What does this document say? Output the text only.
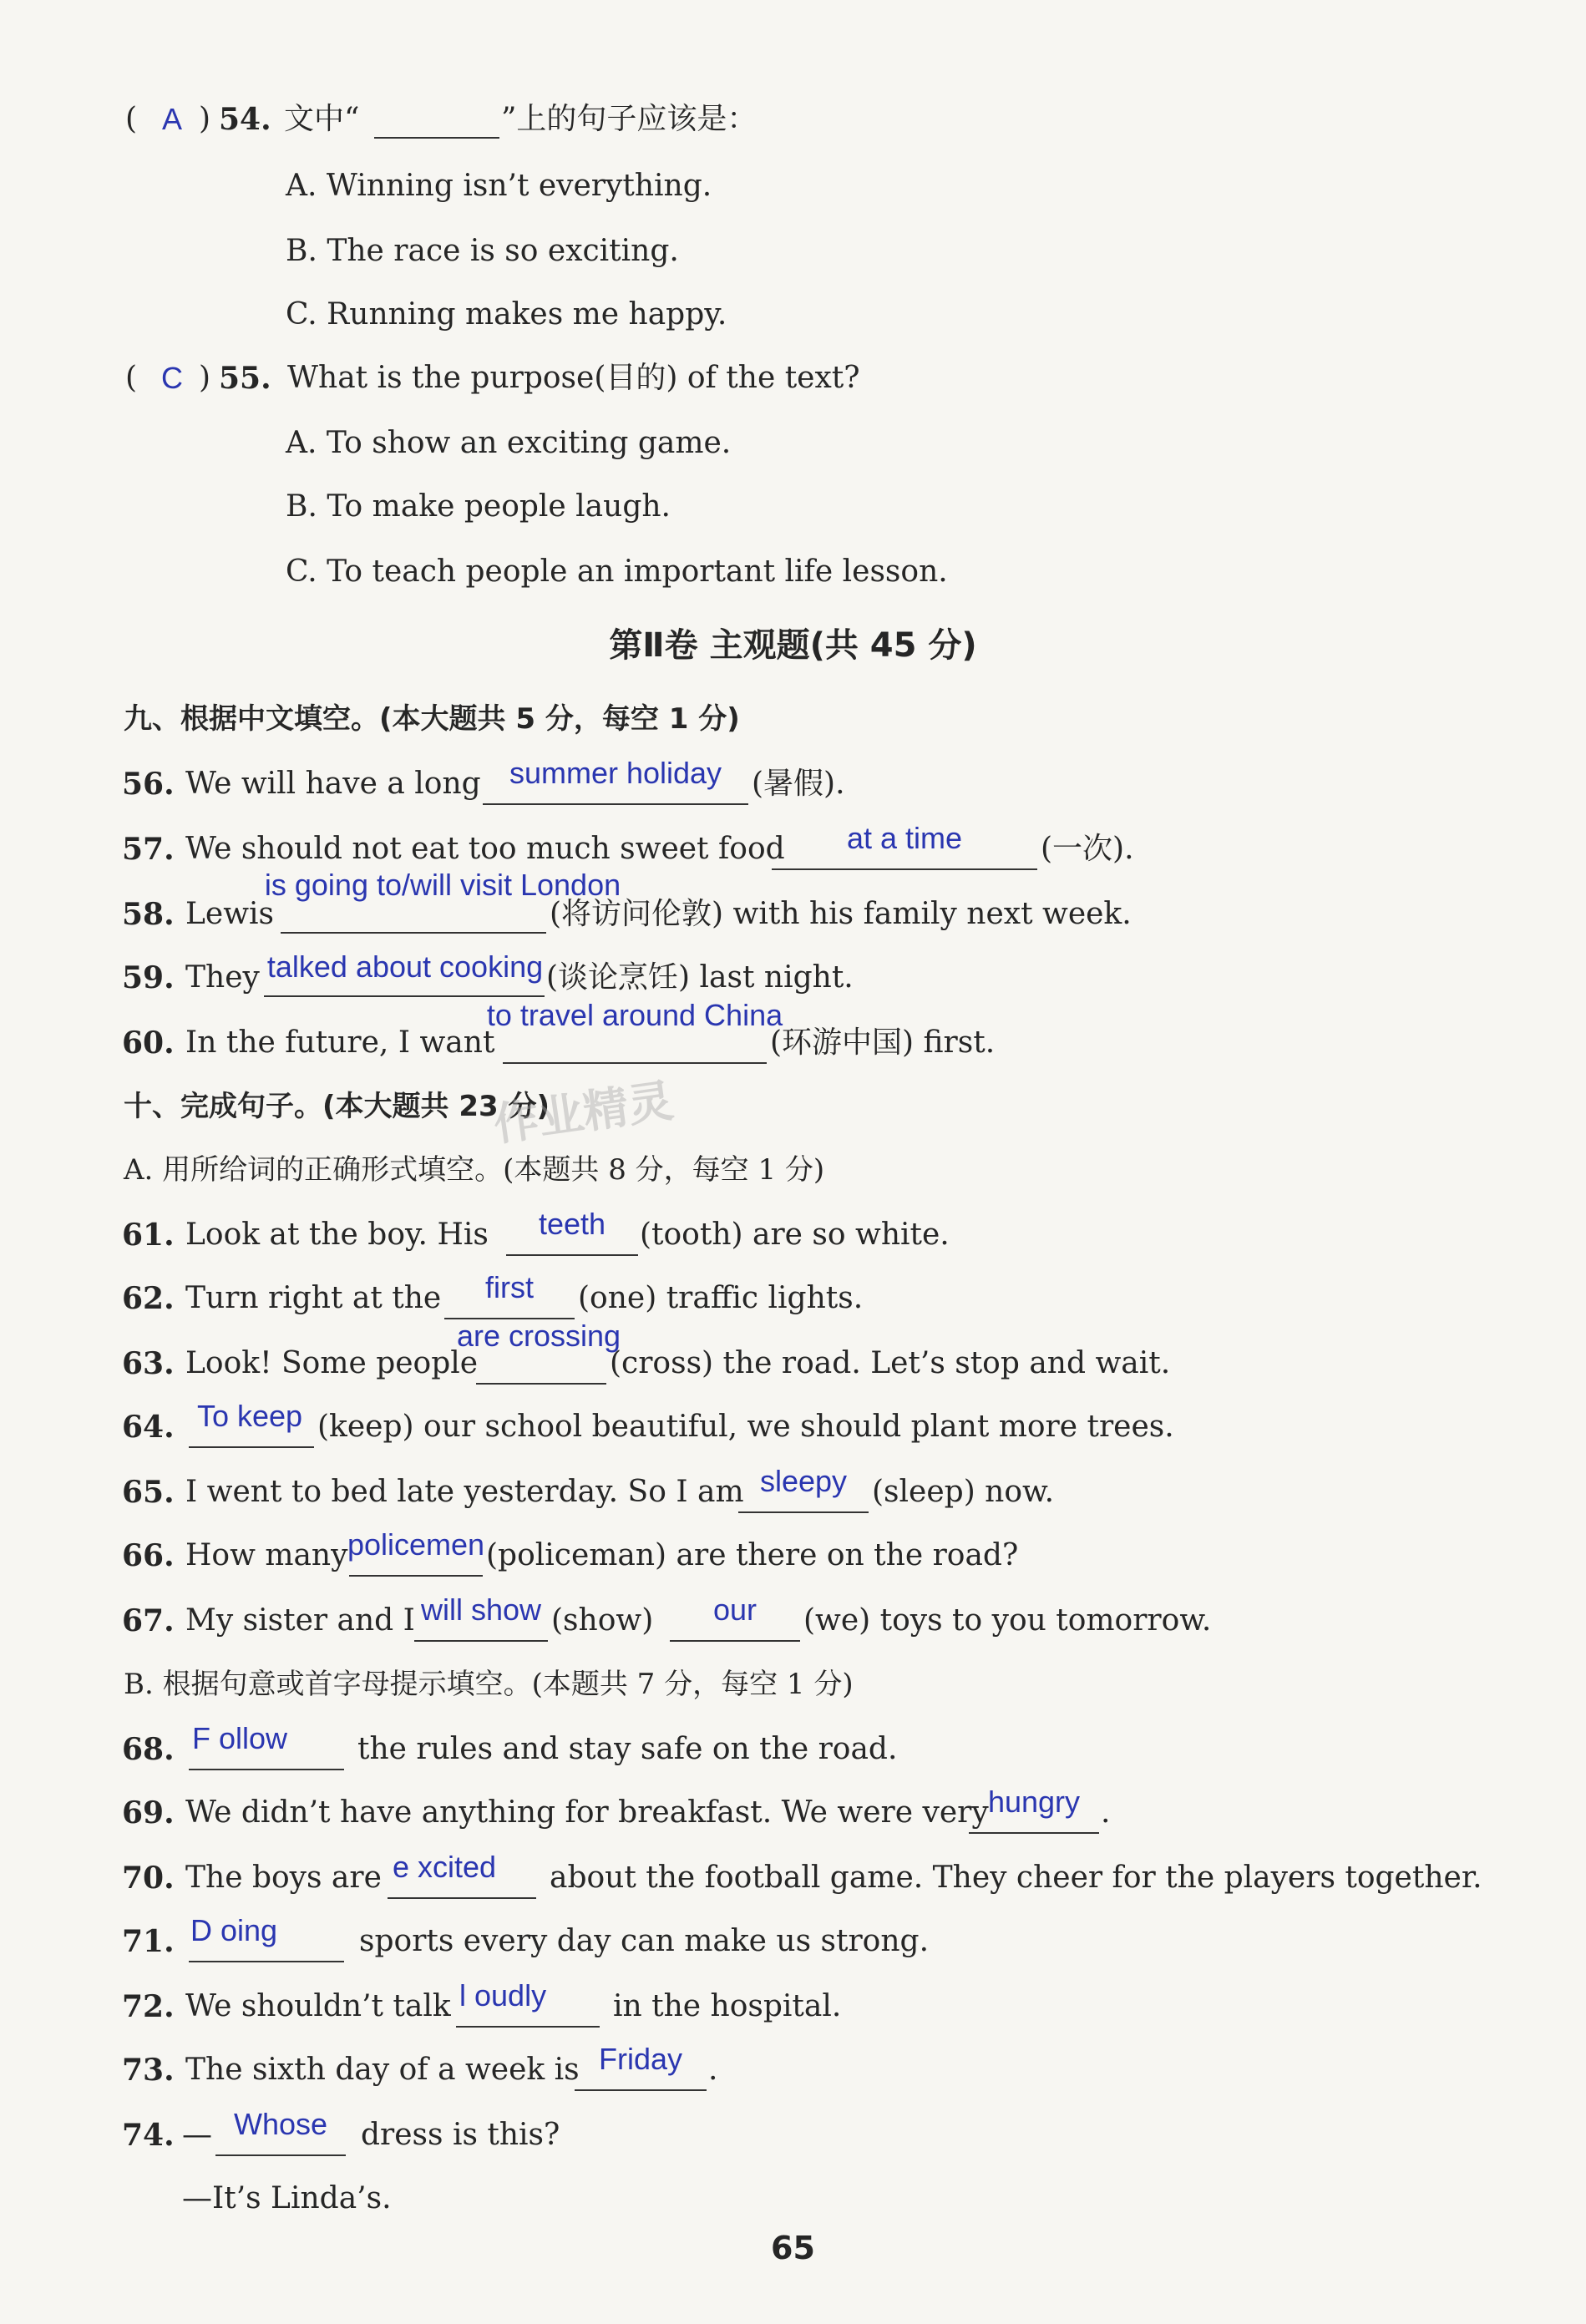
( A ) 54. 文中“	”上的句子应该是：
A. Winning isn’t everything.
B. The race is so exciting.
C. Running makes me happy.
( C ) 55. What is the purpose(目的) of the text?
A. To show an exciting game.
B. To make people laugh.
C. To teach people an important life lesson.
第Ⅱ卷 主观题(共 45 分)
九、根据中文填空。(本大题共 5 分，每空 1 分)
56. We will have a long summer holiday (暑假).
57. We should not eat too much sweet food	at a time	(一次).
58. Lewis
is going to/will visit London
(将访问伦敦) with his family next week.
59. They talked about cooking (谈论烹饪) last night.
60. In the future, I want
to travel around China
(环游中国) first.
十、完成句子。(本大题共 23 分)
作业精灵
A. 用所给词的正确形式填空。(本题共 8 分，每空 1 分)
61. Look at the boy. His	teeth	(tooth) are so white.
62. Turn right at the	first	(one) traffic lights.
63. Look! Some people
are crossing
(cross) the road. Let’s stop and wait.
64. To keep (keep) our school beautiful, we should plant more trees.
65. I went to bed late yesterday. So I am sleepy (sleep) now.
66. How many policemen (policeman) are there on the road?
67. My sister and I will show (show)	our	(we) toys to you tomorrow.
B. 根据句意或首字母提示填空。(本题共 7 分，每空 1 分)
68. F ollow	the rules and stay safe on the road.
69. We didn’t have anything for breakfast. We were very hungry .
70. The boys are e xcited	about the football game. They cheer for the players together.
71. D oing	sports every day can make us strong.
72. We shouldn’t talk l oudly	in the hospital.
73. The sixth day of a week is Friday .
74. — Whose	dress is this?
—It’s Linda’s.
65
